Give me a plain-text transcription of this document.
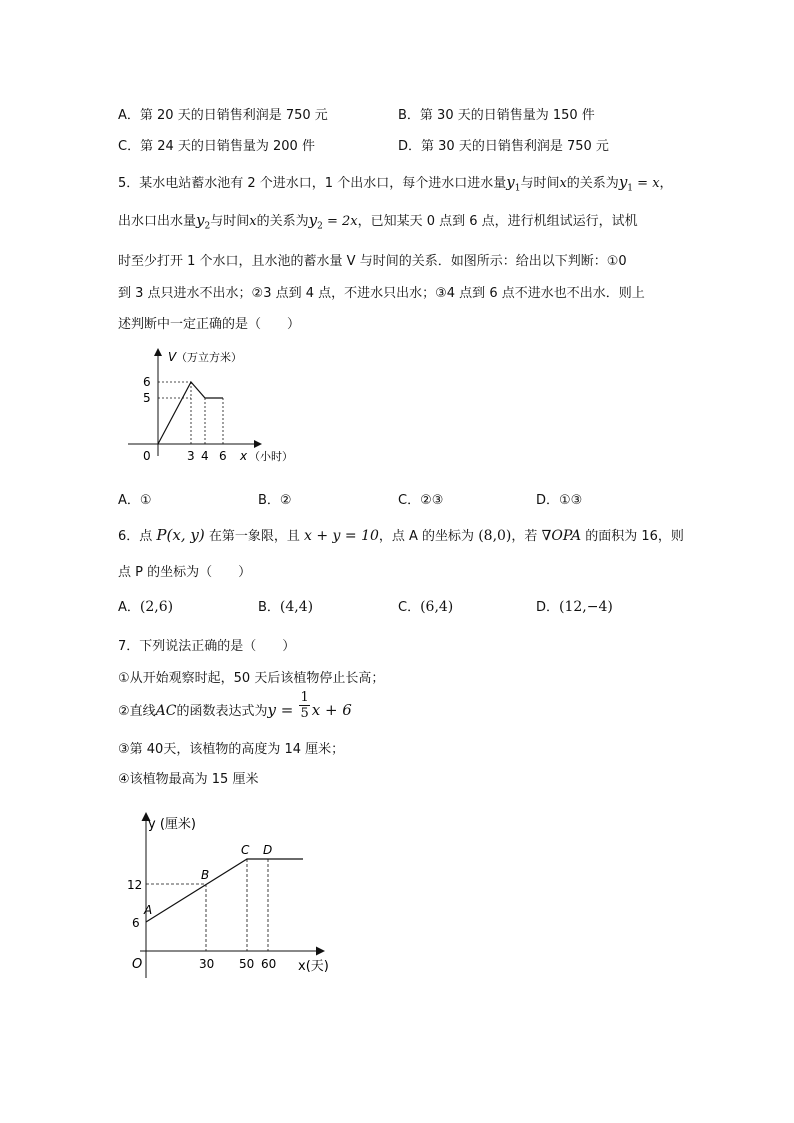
A．第 20 天的日销售利润是 750 元	B．第 30 天的日销售量为 150 件
C．第 24 天的日销售量为 200 件	D．第 30 天的日销售利润是 750 元
5．某水电站蓄水池有 2 个进水口，1 个出水口，每个进水口进水量$y_1$与时间x的关系为$y_1 = x$，
出水口出水量$y_2$与时间x的关系为$y_2 = 2x$，已知某天 0 点到 6 点，进行机组试运行，试机
时至少打开 1 个水口，且水池的蓄水量 V 与时间的关系．如图所示：给出以下判断：①0
到 3 点只进水不出水；②3 点到 4 点，不进水只出水；③4 点到 6 点不进水也不出水．则上
述判断中一定正确的是（　　）
V （万立方米）
6
5
0	3 4 6 x （小时）
A．①	B．②	C．②③	D．①③
6．点 P(x, y) 在第一象限，且 x + y = 10，点 A 的坐标为 (8,0)，若 ∇OPA 的面积为 16，则
点 P 的坐标为（　　）
A．(2,6)	B．(4,4)	C．(6,4)	D．(12,−4)
7．下列说法正确的是（　　）
①从开始观察时起，50 天后该植物停止长高；
②直线AC的函数表达式为$y = \frac{1}{5}$ x + 6
③第 40天，该植物的高度为 14 厘米；
④该植物最高为 15 厘米
y (厘米)
12
6
O
A
B
C D
30 50 60 x(天)
